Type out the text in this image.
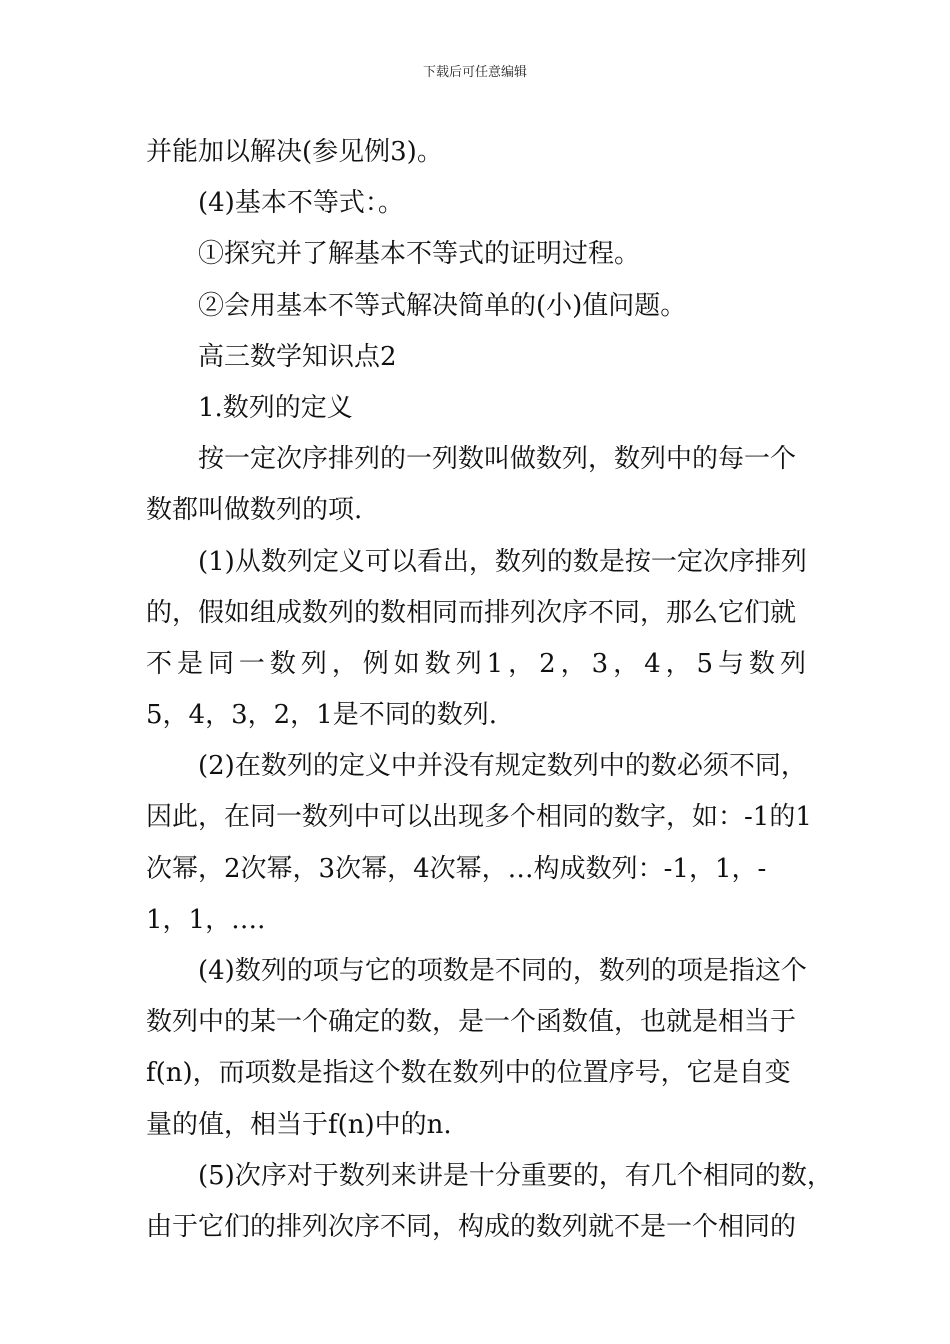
下载后可任意编辑
并能加以解决(参见例3)。
(4)基本不等式：。
①探究并了解基本不等式的证明过程。
②会用基本不等式解决简单的(小)值问题。
高三数学知识点2
1.数列的定义
按一定次序排列的一列数叫做数列，数列中的每一个
数都叫做数列的项.
(1)从数列定义可以看出，数列的数是按一定次序排列
的，假如组成数列的数相同而排列次序不同，那么它们就
不 是 同 一 数 列 ， 例 如 数 列 1 ， 2 ， 3 ， 4 ， 5 与 数 列
5，4，3，2，1是不同的数列.
(2)在数列的定义中并没有规定数列中的数必须不同，
因此，在同一数列中可以出现多个相同的数字，如：-1的1
次幂，2次幂，3次幂，4次幂，…构成数列：-1，1，-
1，1，….
(4)数列的项与它的项数是不同的，数列的项是指这个
数列中的某一个确定的数，是一个函数值，也就是相当于
f(n)，而项数是指这个数在数列中的位置序号，它是自变
量的值，相当于f(n)中的n.
(5)次序对于数列来讲是十分重要的，有几个相同的数，
由于它们的排列次序不同，构成的数列就不是一个相同的
